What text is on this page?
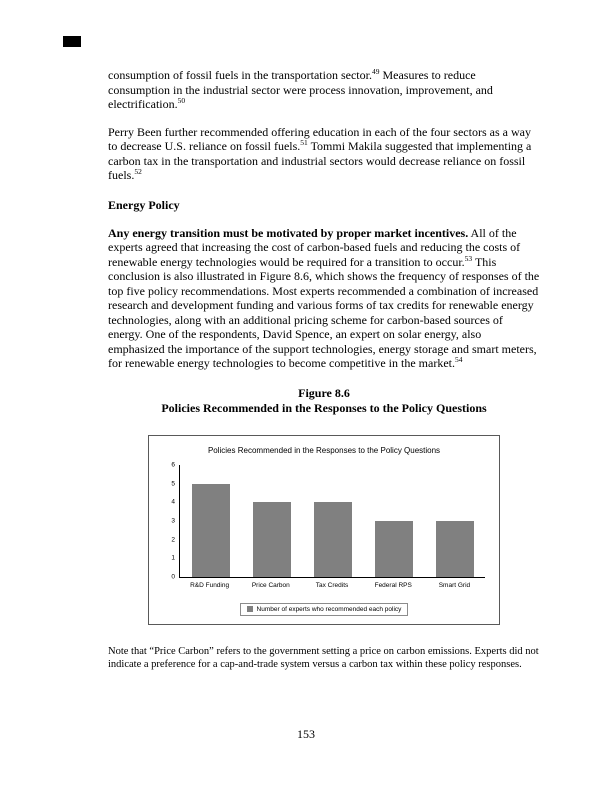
consumption of fossil fuels in the transportation sector.$^{49}$ Measures to reduce consumption in the industrial sector were process innovation, improvement, and electrification.$^{50}$

Perry Been further recommended offering education in each of the four sectors as a way to decrease U.S. reliance on fossil fuels.$^{51}$ Tommi Makila suggested that implementing a carbon tax in the transportation and industrial sectors would decrease reliance on fossil fuels.$^{52}$

Energy Policy

Any energy transition must be motivated by proper market incentives. All of the experts agreed that increasing the cost of carbon-based fuels and reducing the costs of renewable energy technologies would be required for a transition to occur.$^{53}$ This conclusion is also illustrated in Figure 8.6, which shows the frequency of responses of the top five policy recommendations. Most experts recommended a combination of increased research and development funding and various forms of tax credits for renewable energy technologies, along with an additional pricing scheme for carbon-based sources of energy. One of the respondents, David Spence, an expert on solar energy, also emphasized the importance of the support technologies, energy storage and smart meters, for renewable energy technologies to become competitive in the market.$^{54}$

Figure 8.6
Policies Recommended in the Responses to the Policy Questions
Policies Recommended in the Responses to the Policy Questions
0
1
2
3
4
5
6
R&D Funding	Price Carbon	Tax Credits	Federal RPS	Smart Grid
Number of experts who recommended each policy

Note that “Price Carbon” refers to the government setting a price on carbon emissions. Experts did not indicate a preference for a cap-and-trade system versus a carbon tax within these policy responses.

153
